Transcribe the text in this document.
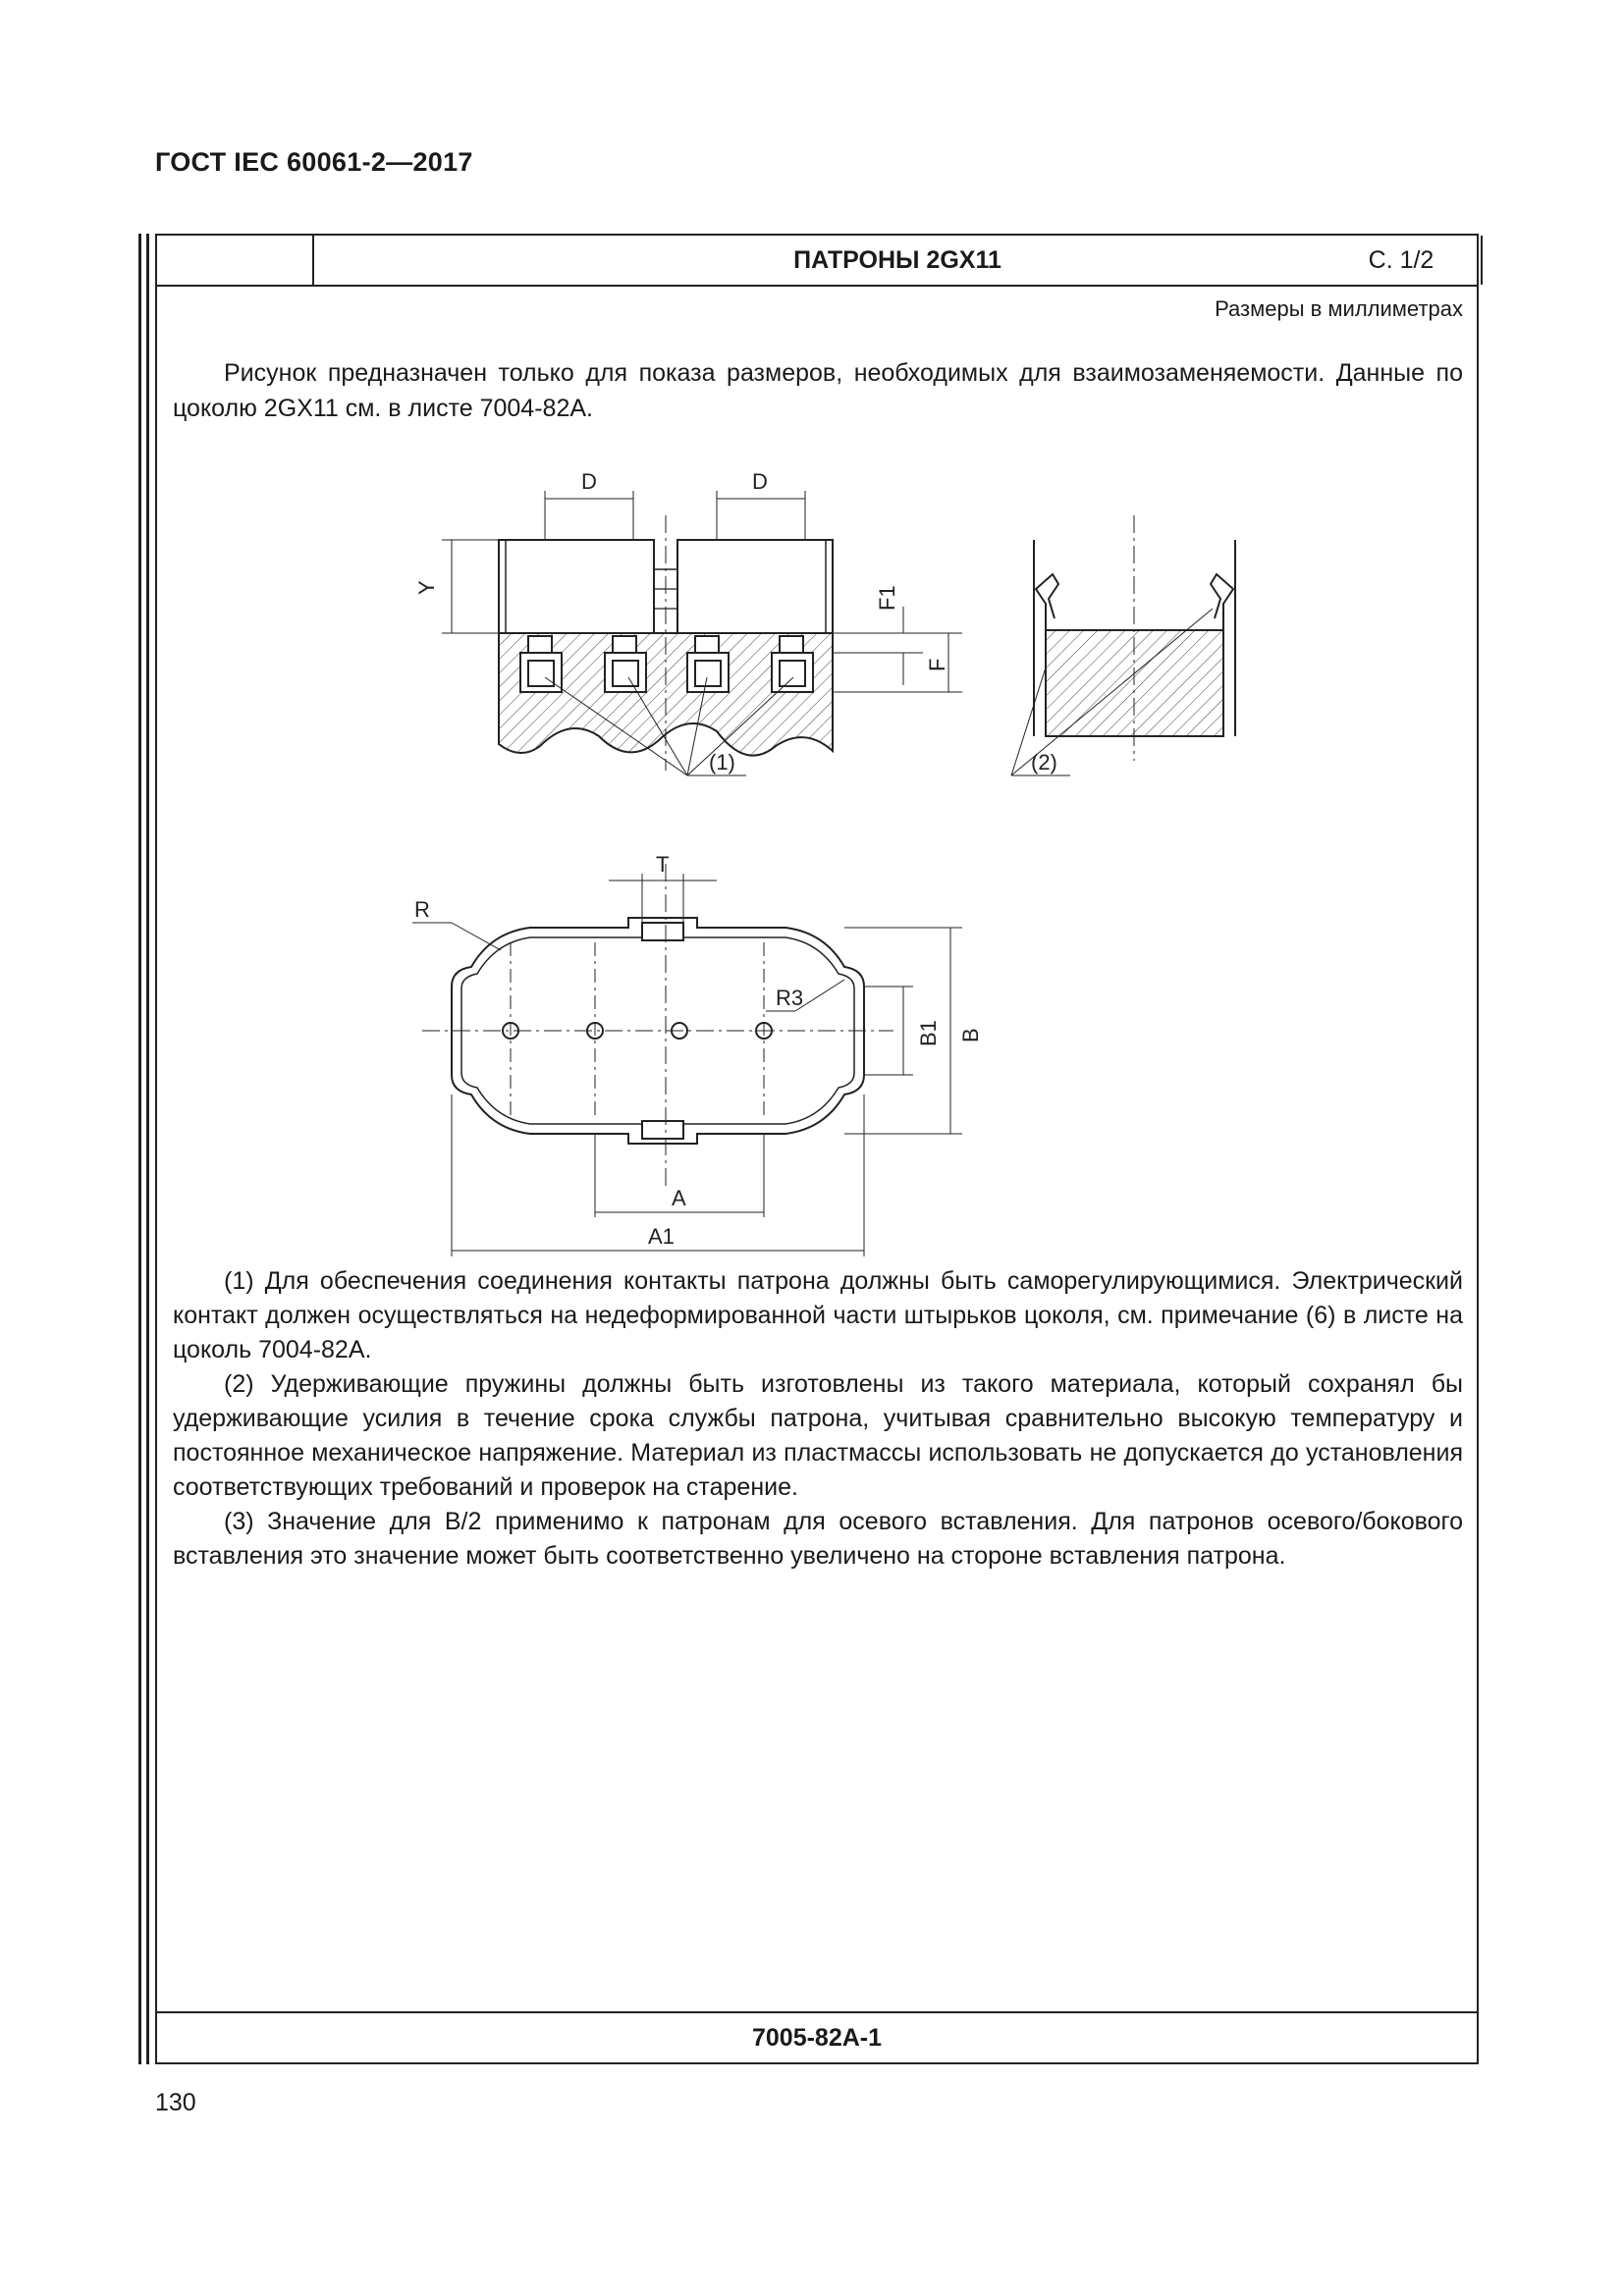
ГОСТ IEC 60061-2—2017
ПАТРОНЫ 2GX11	С. 1/2
Размеры в миллиметрах

Рисунок предназначен только для показа размеров, необходимых для взаимозаменяемости. Данные по цоколю 2GX11 см. в листе 7004-82А.

D	D
Y	F1
F
(1)	(2)
T
R
R3
B1 B
A
A1

(1) Для обеспечения соединения контакты патрона должны быть саморегулирующимися. Электрический контакт должен осуществляться на недеформированной части штырьков цоколя, см. примечание (6) в листе на цоколь 7004-82А.

(2) Удерживающие пружины должны быть изготовлены из такого материала, который сохранял бы удерживающие усилия в течение срока службы патрона, учитывая сравнительно высокую температуру и постоянное механическое напряжение. Материал из пластмассы использовать не допускается до установления соответствующих требований и проверок на старение.

(3) Значение для B/2 применимо к патронам для осевого вставления. Для патронов осевого/бокового вставления это значение может быть соответственно увеличено на стороне вставления патрона.

7005-82А-1
130
